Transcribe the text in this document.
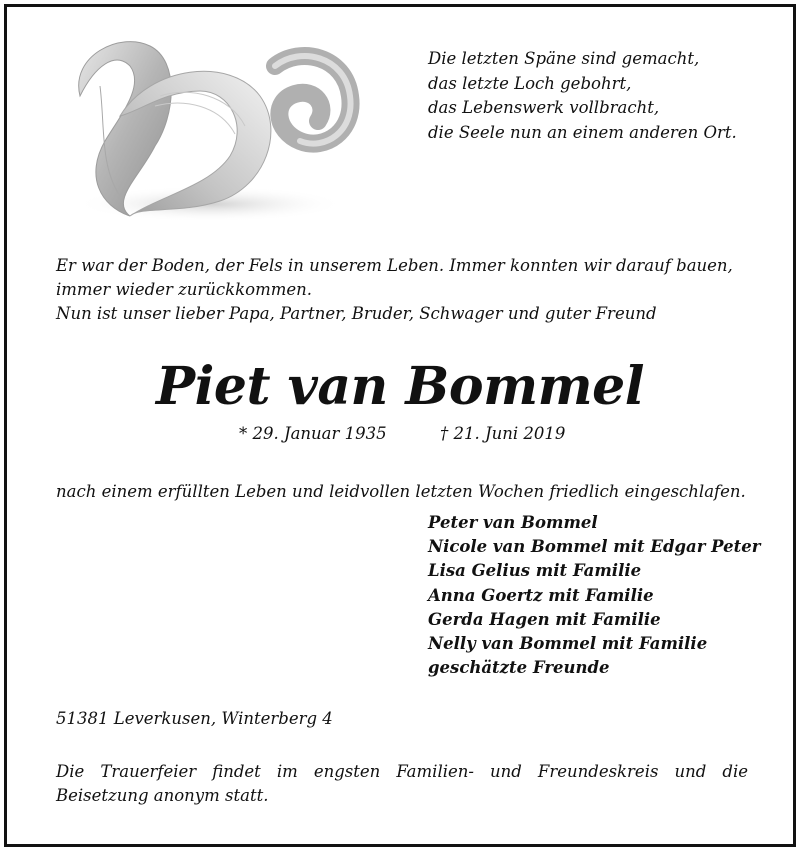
Die letzten Späne sind gemacht,
das letzte Loch gebohrt,
das Lebenswerk vollbracht,
die Seele nun an einem anderen Ort.
Er war der Boden, der Fels in unserem Leben. Immer konnten wir darauf bauen,
immer wieder zurückkommen.
Nun ist unser lieber Papa, Partner, Bruder, Schwager und guter Freund
Piet van Bommel
* 29. Januar 1935	† 21. Juni 2019
nach einem erfüllten Leben und leidvollen letzten Wochen friedlich eingeschlafen.
Peter van Bommel
Nicole van Bommel mit Edgar Peter
Lisa Gelius mit Familie
Anna Goertz mit Familie
Gerda Hagen mit Familie
Nelly van Bommel mit Familie
geschätzte Freunde
51381 Leverkusen, Winterberg 4
Die Trauerfeier findet im engsten Familien- und Freundeskreis und die Beisetzung anonym statt.
